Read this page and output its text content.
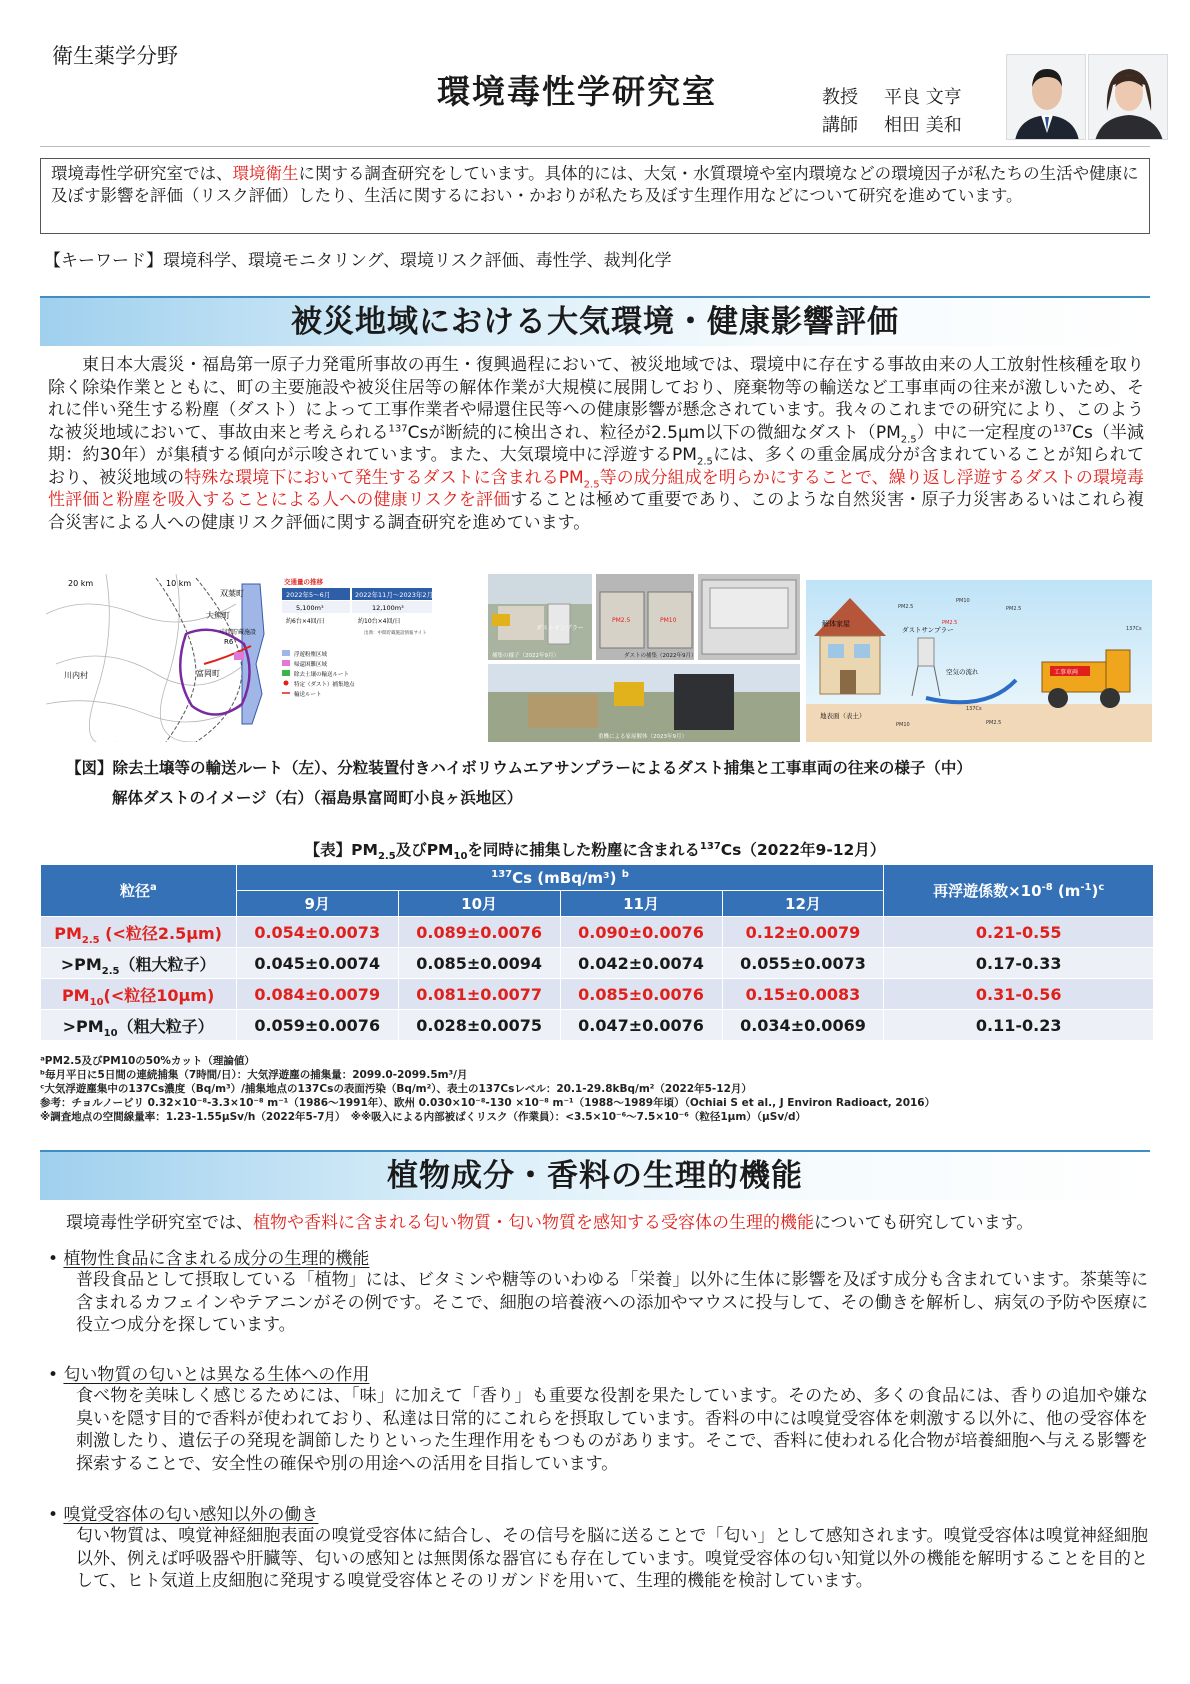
衛生薬学分野
環境毒性学研究室	教授 平良 文亨
講師 相田 美和
環境毒性学研究室では、環境衛生に関する調査研究をしています。具体的には、大気・水質環境や室内環境などの環境因子が私たちの生活や健康に及ぼす影響を評価（リスク評価）したり、生活に関するにおい・かおりが私たち及ぼす生理作用などについて研究を進めています。
【キーワード】環境科学、環境モニタリング、環境リスク評価、毒性学、裁判化学
被災地域における大気環境・健康影響評価
東日本大震災・福島第一原子力発電所事故の再生・復興過程において、被災地域では、環境中に存在する事故由来の人工放射性核種を取り除く除染作業とともに、町の主要施設や被災住居等の解体作業が大規模に展開しており、廃棄物等の輸送など工事車両の往来が激しいため、それに伴い発生する粉塵（ダスト）によって工事作業者や帰還住民等への健康影響が懸念されています。我々のこれまでの研究により、このような被災地域において、事故由来と考えられる$^{137}$Csが断続的に検出され、粒径が2.5μm以下の微細なダスト$(PM_{2.5})$中に一定程度の$^{137}$Cs（半減期：約30年）が集積する傾向が示唆されています。また、大気環境中に浮遊する$PM_{2.5}$には、多くの重金属成分が含まれていることが知られており、被災地域の特殊な環境下において発生するダストに含まれる$PM_{2.5}$等の成分組成を明らかにすることで、繰り返し浮遊するダストの環境毒性評価と粉塵を吸入することによる人への健康リスクを評価することは極めて重要であり、このような自然災害・原子力災害あるいはこれら複合災害による人への健康リスク評価に関する調査研究を進めています。
20 km	10 km
双葉町
大熊町
中間貯蔵施設
川内村	富岡町
R6
交通量の推移
2022年5〜6月	2022年11月〜2023年2月
5,100m³	12,100m³
約6台×4回/日	約10台×4回/日
出典：中間貯蔵施設情報サイト
浮遊粉塵区域
帰還困難区域
除去土壌の輸送ルート
特定（ダスト）捕集地点
輸送ルート
ダストサンプラー
捕集の様子（2022年9月）
PM2.5	PM10
ダストの捕集（2022年9月）
重機による家屋解体（2023年9月）
解体家屋
ダストサンプラー
空気の流れ	工事車両
地表面（表土）
PM2.5
PM10
PM2.5
PM2.5
PM10	PM2.5
137Cs
137Cs
【図】除去土壌等の輸送ルート（左）、分粒装置付きハイボリウムエアサンプラーによるダスト捕集と工事車両の往来の様子（中）
解体ダストのイメージ（右）（福島県富岡町小良ヶ浜地区）
【表】$PM_{2.5}$及び$PM_{10}$を同時に捕集した粉塵に含まれる$^{137}$Cs（2022年9-12月）
粒径$^a$	$^{137}$Cs (mBq/m³) $^b$				再浮遊係数$\times 10^{-8}$ $(m^{-1})^c$
	9月	10月	11月	12月	
$PM_{2.5}$ (<粒径2.5μm)	0.054±0.0073	0.089±0.0076	0.090±0.0076	0.12±0.0079	0.21-0.55
$>PM_{2.5}$（粗大粒子）	0.045±0.0074	0.085±0.0094	0.042±0.0074	0.055±0.0073	0.17-0.33
$PM_{10}(<$粒径10μm)	0.084±0.0079	0.081±0.0077	0.085±0.0076	0.15±0.0083	0.31-0.56
$>PM_{10}$（粗大粒子）	0.059±0.0076	0.028±0.0075	0.047±0.0076	0.034±0.0069	0.11-0.23
ᵃPM2.5及びPM10の50%カット（理論値）
ᵇ毎月平日に5日間の連続捕集（7時間/日）：大気浮遊塵の捕集量：2099.0-2099.5m³/月
ᶜ大気浮遊塵集中の137Cs濃度（Bq/m³）/捕集地点の137Csの表面汚染（Bq/m²）、表土の137Csレベル：20.1-29.8kBq/m²（2022年5-12月）
参考：チョルノービリ 0.32×10⁻⁸-3.3×10⁻⁸ m⁻¹（1986〜1991年）、欧州 0.030×10⁻⁸-130 ×10⁻⁸ m⁻¹（1988〜1989年頃）（Ochiai S et al., J Environ Radioact, 2016）
※調査地点の空間線量率：1.23-1.55μSv/h（2022年5-7月）　※※吸入による内部被ばくリスク（作業員）：<3.5×10⁻⁶〜7.5×10⁻⁶（粒径1μm）（μSv/d）
植物成分・香料の生理的機能
環境毒性学研究室では、植物や香料に含まれる匂い物質・匂い物質を感知する受容体の生理的機能についても研究しています。
• 植物性食品に含まれる成分の生理的機能
普段食品として摂取している「植物」には、ビタミンや糖等のいわゆる「栄養」以外に生体に影響を及ぼす成分も含まれています。茶葉等に含まれるカフェインやテアニンがその例です。そこで、細胞の培養液への添加やマウスに投与して、その働きを解析し、病気の予防や医療に役立つ成分を探しています。
• 匂い物質の匂いとは異なる生体への作用
食べ物を美味しく感じるためには、「味」に加えて「香り」も重要な役割を果たしています。そのため、多くの食品には、香りの追加や嫌な臭いを隠す目的で香料が使われており、私達は日常的にこれらを摂取しています。香料の中には嗅覚受容体を刺激する以外に、他の受容体を刺激したり、遺伝子の発現を調節したりといった生理作用をもつものがあります。そこで、香料に使われる化合物が培養細胞へ与える影響を探索することで、安全性の確保や別の用途への活用を目指しています。
• 嗅覚受容体の匂い感知以外の働き
匂い物質は、嗅覚神経細胞表面の嗅覚受容体に結合し、その信号を脳に送ることで「匂い」として感知されます。嗅覚受容体は嗅覚神経細胞以外、例えば呼吸器や肝臓等、匂いの感知とは無関係な器官にも存在しています。嗅覚受容体の匂い知覚以外の機能を解明することを目的として、ヒト気道上皮細胞に発現する嗅覚受容体とそのリガンドを用いて、生理的機能を検討しています。
